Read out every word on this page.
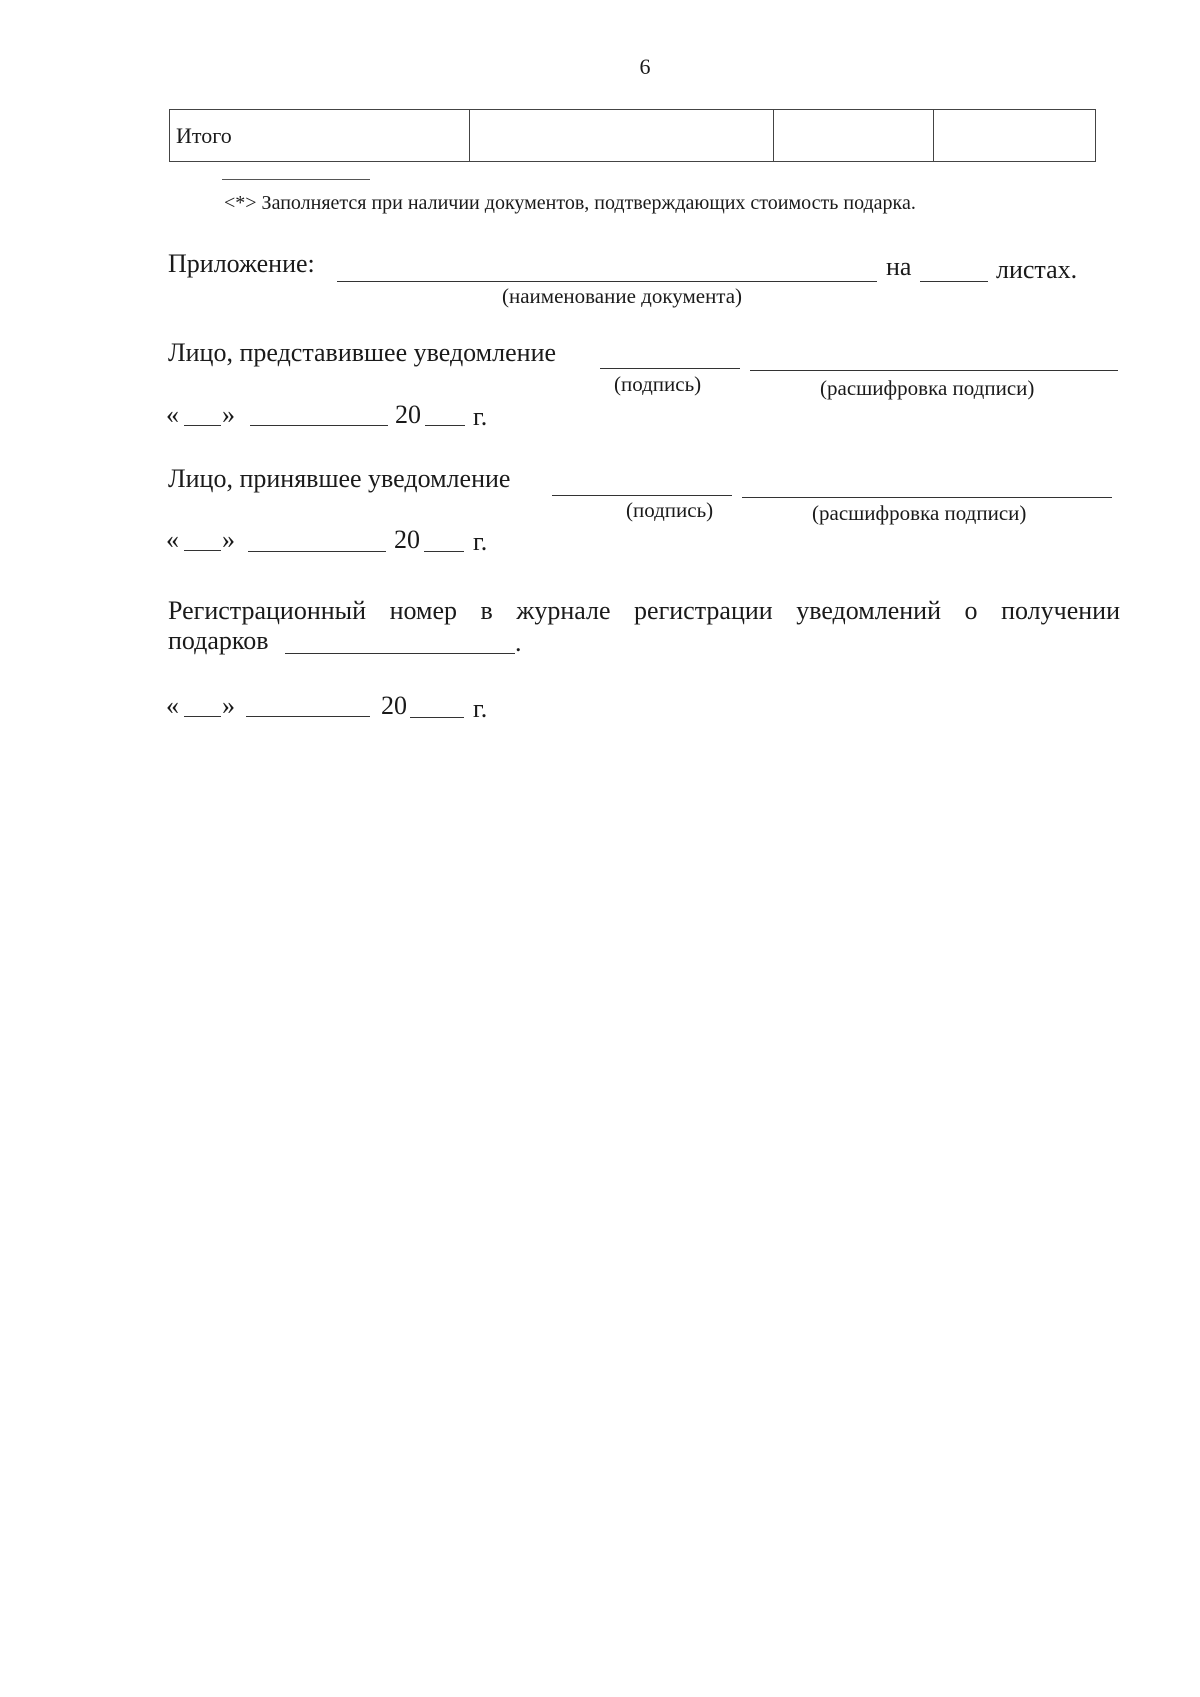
6
Итого			
<*> Заполняется при наличии документов, подтверждающих стоимость подарка.
Приложение:	на	листах.
(наименование документа)
Лицо, представившее уведомление
(подпись)	(расшифровка подписи)
« »	20 г.
Лицо, принявшее уведомление
(подпись)	(расшифровка подписи)
« »	20 г.
Регистрационный номер в журнале регистрации уведомлений о получении
подарков	.
« »	20	г.
